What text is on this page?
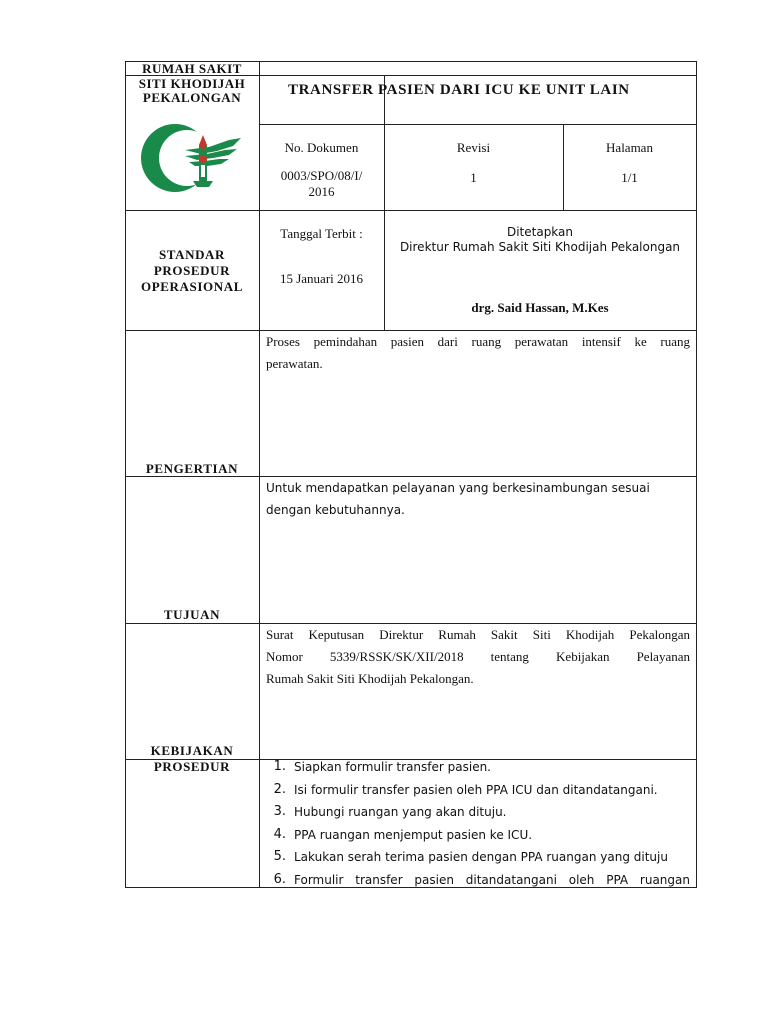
RUMAH SAKIT
SITI KHODIJAH
PEKALONGAN	TRANSFER PASIEN DARI ICU KE UNIT LAIN
No. Dokumen
0003/SPO/08/I/
2016
Revisi
1
Halaman
1/1
STANDAR
PROSEDUR
OPERASIONAL
Tanggal Terbit :
15 Januari 2016
Ditetapkan
Direktur Rumah Sakit Siti Khodijah Pekalongan
drg. Said Hassan, M.Kes
PENGERTIAN
Proses pemindahan pasien dari ruang perawatan intensif ke ruang
perawatan.
TUJUAN
Untuk mendapatkan pelayanan yang berkesinambungan sesuai
dengan kebutuhannya.
KEBIJAKAN
Surat Keputusan Direktur Rumah Sakit Siti Khodijah Pekalongan
Nomor 5339/RSSK/SK/XII/2018 tentang Kebijakan Pelayanan
Rumah Sakit Siti Khodijah Pekalongan.
PROSEDUR	1. Siapkan formulir transfer pasien.
2. Isi formulir transfer pasien oleh PPA ICU dan ditandatangani.
3. Hubungi ruangan yang akan dituju.
4. PPA ruangan menjemput pasien ke ICU.
5. Lakukan serah terima pasien dengan PPA ruangan yang dituju
6. Formulir transfer pasien ditandatangani oleh PPA ruangan
